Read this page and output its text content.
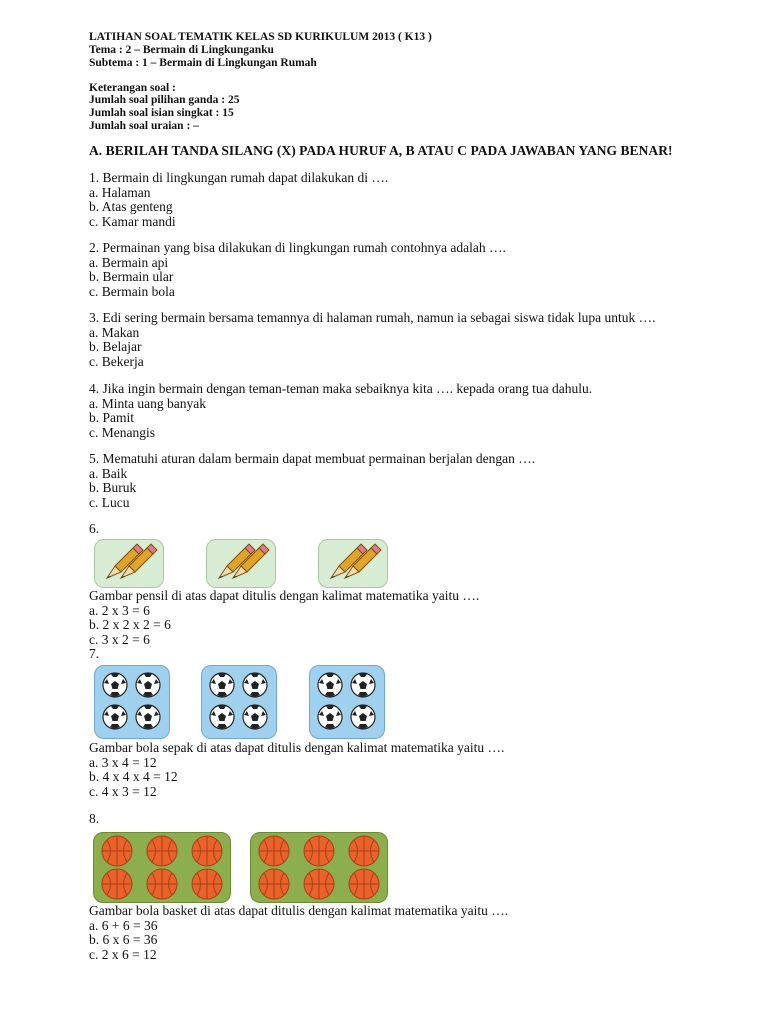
LATIHAN SOAL TEMATIK KELAS SD KURIKULUM 2013 ( K13 )
Tema : 2 – Bermain di Lingkunganku
Subtema : 1 – Bermain di Lingkungan Rumah
Keterangan soal :
Jumlah soal pilihan ganda : 25
Jumlah soal isian singkat : 15
Jumlah soal uraian : –
A. BERILAH TANDA SILANG (X) PADA HURUF A, B ATAU C PADA JAWABAN YANG BENAR!
1. Bermain di lingkungan rumah dapat dilakukan di ….
a. Halaman
b. Atas genteng
c. Kamar mandi
2. Permainan yang bisa dilakukan di lingkungan rumah contohnya adalah ….
a. Bermain api
b. Bermain ular
c. Bermain bola
3. Edi sering bermain bersama temannya di halaman rumah, namun ia sebagai siswa tidak lupa untuk ….
a. Makan
b. Belajar
c. Bekerja
4. Jika ingin bermain dengan teman-teman maka sebaiknya kita …. kepada orang tua dahulu.
a. Minta uang banyak
b. Pamit
c. Menangis
5. Mematuhi aturan dalam bermain dapat membuat permainan berjalan dengan ….
a. Baik
b. Buruk
c. Lucu
6.
Gambar pensil di atas dapat ditulis dengan kalimat matematika yaitu ….
a. 2 x 3 = 6
b. 2 x 2 x 2 = 6
c. 3 x 2 = 6
7.
Gambar bola sepak di atas dapat ditulis dengan kalimat matematika yaitu ….
a. 3 x 4 = 12
b. 4 x 4 x 4 = 12
c. 4 x 3 = 12
8.
Gambar bola basket di atas dapat ditulis dengan kalimat matematika yaitu ….
a. 6 + 6 = 36
b. 6 x 6 = 36
c. 2 x 6 = 12
